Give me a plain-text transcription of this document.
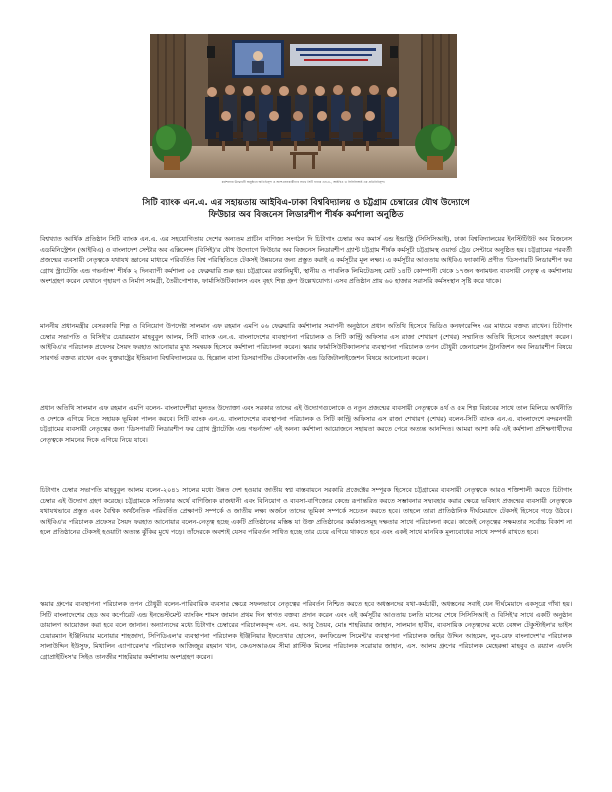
কর্মশালার উদ্বোধনী অনুষ্ঠানে অতিথিবৃন্দ ও অংশগ্রহণকারীদের সাথে সিটি ব্যাংক এন.এ., আইবিএ ও সিসিসিআই এর প্রতিনিধিবৃন্দ।
সিটি ব্যাংক এন.এ. এর সহায়তায় আইবিএ-ঢাকা বিশ্ববিদ্যালয় ও চট্টগ্রাম চেম্বারের যৌথ উদ্যোগে
ফিউচার অব বিজনেস লিডারশীপ শীর্ষক কর্মশালা অনুষ্ঠিত

বিশ্বখ্যাত আর্থিক প্রতিষ্ঠান সিটি ব্যাংক এন.এ. এর সহযোগিতায় দেশের অন্যতম প্রাচীন বাণিজ্য সংগঠন দি চিটাগাং চেম্বার অব কমার্স এন্ড ইন্ডাস্ট্রি (সিসিসিআই), ঢাকা বিশ্ববিদ্যালয়ের ইনস্টিটিউট অব বিজনেস এডমিনিস্ট্রেশন (আইবিএ) ও বাংলাদেশ সেন্টার অব এক্সিলেন্স (বিসিই)'র যৌথ উদ্যোগে ফিউচার অব বিজনেস লিডারশীপ গ্র্যান্ট চট্টগ্রাম শীর্ষক কর্মসূচী চট্টগ্রামস্থ ওয়ার্ল্ড ট্রেড সেন্টারে অনুষ্ঠিত হয়। চট্টগ্রামের পরবর্তী প্রজন্মের ব্যবসায়ী নেতৃত্বকে যথাযথ জ্ঞানের মাধ্যমে পরিবর্তিত বিশ্ব পরিস্থিতিতে টেকসই উন্নয়নের জন্য প্রস্তুত করাই এ কর্মসূচীর মূল লক্ষ্য। এ কর্মসূচীর আওতায় আইবিএ ফ্যাকাল্টি প্রণীত 'ডিসপারটি লিডারশীপ ফর গ্রোথ স্ট্র্যাটেজি এন্ড গভর্ন্যান্স' শীর্ষক ২ দিনব্যাপী কর্মশালা ০৫ ফেব্রুয়ারি শুরু হয়। চট্টগ্রামের রপ্তানিমুখী, স্থানীয় ও পাবলিক লিমিটেডসহ মোট ১৪টি কোম্পানী থেকে ১৭জন স্বনামধন্য ব্যবসায়ী নেতৃত্ব এ কর্মশালায় অংশগ্রহণ করেন যেখানে গৃহায়ণ ও নির্মাণ সামগ্রী, তৈরীপোশাক, ফার্মাসিউটিক্যালস এবং বৃহৎ শিল্প গ্রুপ উল্লেখযোগ্য। এসব প্রতিষ্ঠান প্রায় ৬০ হাজার সরাসরি কর্মসংস্থান সৃষ্টি করে থাকে।

মাননীয় প্রধানমন্ত্রীর বেসরকারি শিল্প ও বিনিয়োগ উপদেষ্টা সালমান এফ রহমান এমপি ০৬ ফেব্রুয়ারি কর্মশালার সমাপনী অনুষ্ঠানে প্রধান অতিথি হিসেবে ভিডিও কনফারেন্সিং এর মাধ্যমে বক্তব্য রাখেন। চিটাগাং চেম্বার সভাপতি ও বিসিই'র চেয়ারম্যান মাহবুবুল আলম, সিটি ব্যাংক এন.এ. বাংলাদেশের ব্যবস্থাপনা পরিচালক ও সিটি কান্ট্রি অফিসার এস রাজা শেখারণ (শেখর) সম্মানিত অতিথি হিসেবে অংশগ্রহণ করেন। আইবিএ'র পরিচালক প্রফেসর সৈয়দ ফরহাত আনোয়ার মুখ্য সমন্বয়ক হিসেবে কর্মশালা পরিচালনা করেন। স্কয়ার ফার্মাসিউটিক্যালস'র ব্যবস্থাপনা পরিচালক তপন চৌধুরী জেনারেশন ট্রানজিশন অব লিডারশীপ বিষয়ে সারগর্ভ বক্তব্য রাখেন এবং যুক্তরাষ্ট্রের ইন্ডিয়ানা বিশ্ববিদ্যালয়ের ড. হিল্লোল বাসা ডিসরাপটিভ টেকনোলজি এন্ড ডিজিটালাইজেশন বিষয়ে আলোচনা করেন।

প্রধান অতিথি সালমান এফ রহমান এমপি বলেন- বাংলাদেশীরা মূলতঃ উদ্যোক্তা এবং সরকার তাদের এই উদ্যোগগুলোকে ও নতুন প্রজন্মের ব্যবসায়ী নেতৃত্বকে ৪র্থ ও ৫ম শিল্প বিপ্লবের সাথে তাল মিলিয়ে অর্থনীতি ও দেশকে এগিয়ে নিতে সহায়ক ভূমিকা পালন করবে। সিটি ব্যাংক এন.এ. বাংলাদেশের ব্যবস্থাপনা পরিচালক ও সিটি কান্ট্রি অফিসার এস রাজা শেখারণ (শেখর) বলেন-সিটি ব্যাংক এন.এ. বাংলাদেশে বন্দরনগরী চট্টগ্রামের ব্যবসায়ী নেতৃত্বের জন্য 'ডিসপারটি লিডারশীপ ফর গ্রোথ স্ট্র্যাটেজি এন্ড গভর্ন্যান্স' এই অনন্য কর্মশালা আয়োজনে সহায়তা করতে পেরে অত্যন্ত আনন্দিত। আমরা আশা করি এই কর্মশালা প্রশিক্ষণার্থীদের নেতৃত্বকে সামনের দিকে এগিয়ে নিয়ে যাবে।

চিটাগাং চেম্বার সভাপতি মাহবুবুল আলম বলেন-২০৪১ সালের মধ্যে উন্নত দেশ হওয়ার জাতীয় স্বপ্ন বাস্তবায়নে সরকারি প্রজেক্টের সম্পূরক হিসেবে চট্টগ্রামের ব্যবসায়ী নেতৃত্বকে আরও শক্তিশালী করতে চিটাগাং চেম্বার এই উদ্যোগ গ্রহণ করেছে। চট্টগ্রামকে সত্যিকার অর্থে বাণিজ্যিক রাজধানী এবং বিনিয়োগ ও ব্যবসা-বাণিজ্যের কেন্দ্রে রূপান্তরিত করতে সম্ভাবনার সদ্ব্যবহার করার ক্ষেত্রে ভবিষ্যৎ প্রজন্মের ব্যবসায়ী নেতৃত্বকে যথাযথভাবে প্রস্তুত এবং বৈশ্বিক অর্থনৈতিক পরিবর্তিত প্রেক্ষাপট সম্পর্কে ও জাতীয় লক্ষ্য অর্জনে তাদের ভূমিকা সম্পর্কে সচেতন করতে হবে। তাহলে তারা প্রাতিষ্ঠানিক দীর্ঘমেয়াদে টেকসই হিসেবে গড়ে উঠবে। আইবিএ'র পরিচালক প্রফেসর সৈয়দ ফরহাত আনোয়ার বলেন-নেতৃত্ব হচ্ছে একটি প্রতিষ্ঠানের মস্তিষ্ক যা উক্ত প্রতিষ্ঠানের কর্মকাণ্ডসমূহ দক্ষতার সাথে পরিচালনা করে। কাজেই নেতৃত্বের সক্ষমতার সর্বোচ্চ বিকাশ না হলে প্রতিষ্ঠানের টেকসই হওয়াটা অত্যন্ত ঝুঁকির মুখে পড়ে। তাঁদেরকে অবশ্যই যেসব পরিবর্তন সাধিত হচ্ছে তার চেয়ে এগিয়ে থাকতে হবে এবং একই সাথে মানবিক মূল্যবোধের সাথে সম্পর্ক রাখতে হবে।

স্কয়ার গ্রুপের ব্যবস্থাপনা পরিচালক তপন চৌধুরী বলেন-পারিবারিক ব্যবসার ক্ষেত্রে সফলভাবে নেতৃত্বের পরিবর্তন নিশ্চিত করতে হবে অধস্তনদের যথা-কর্মচারী, অধস্তনের সবাই যেন দীর্ঘমেয়াদে একসূত্রে গাঁথা হয়। সিটি বাংলাদেশের হেড অব কর্পোরেট এন্ড ইনভেস্টমেন্ট ব্যাংকিং শামস জামান প্রথম দিন স্বাগত বক্তব্য প্রদান করেন এবং এই কর্মসূচীর আওতায় চলতি মাসের শেষে সিসিসিআই ও বিসিই'র সাথে একটি অনুষ্ঠান ডায়ালগ আয়োজন করা হবে বলে জানান। অন্যান্যদের মধ্যে চিটাগাং চেম্বারের পরিচালকবৃন্দ এস. এম. আবু তৈয়ব, মোঃ শাহরিয়ার জাহান, সালমান হাবীব, ব্যবসায়িক নেতৃত্বদের মধ্যে বেঙ্গল টেকুস্টাইল'র ভাইস চেয়ারম্যান ইঞ্জিনিয়ার মনোয়ার শাহজাদা, সিপিডিএল'র ব্যবস্থাপনা পরিচালক ইঞ্জিনিয়ার ইফতেখার হোসেন, কনফিডেন্স সিমেন্ট'র ব্যবস্থাপনা পরিচালক জহির উদ্দিন আহমেদ, লুব-রেফ বাংলাদেশ'র পরিচালক সালাউদ্দিন ইউসুফ, মিথালিন এ্যাপারেল'র পরিচালক আজিজুর রহমান খান, কেএসআরএম সীমা প্লাস্টিক মিলের পরিচালক সরোয়ার জাহান, এস. আলম গ্রুপের পরিচালক মেহেরুন্না মাহবুব ও রয়্যাল এফসি গ্রোপ্রাইটিংস'র সিইও তানজীর শাহরিয়ার কর্মশালায় অংশগ্রহণ করেন।
